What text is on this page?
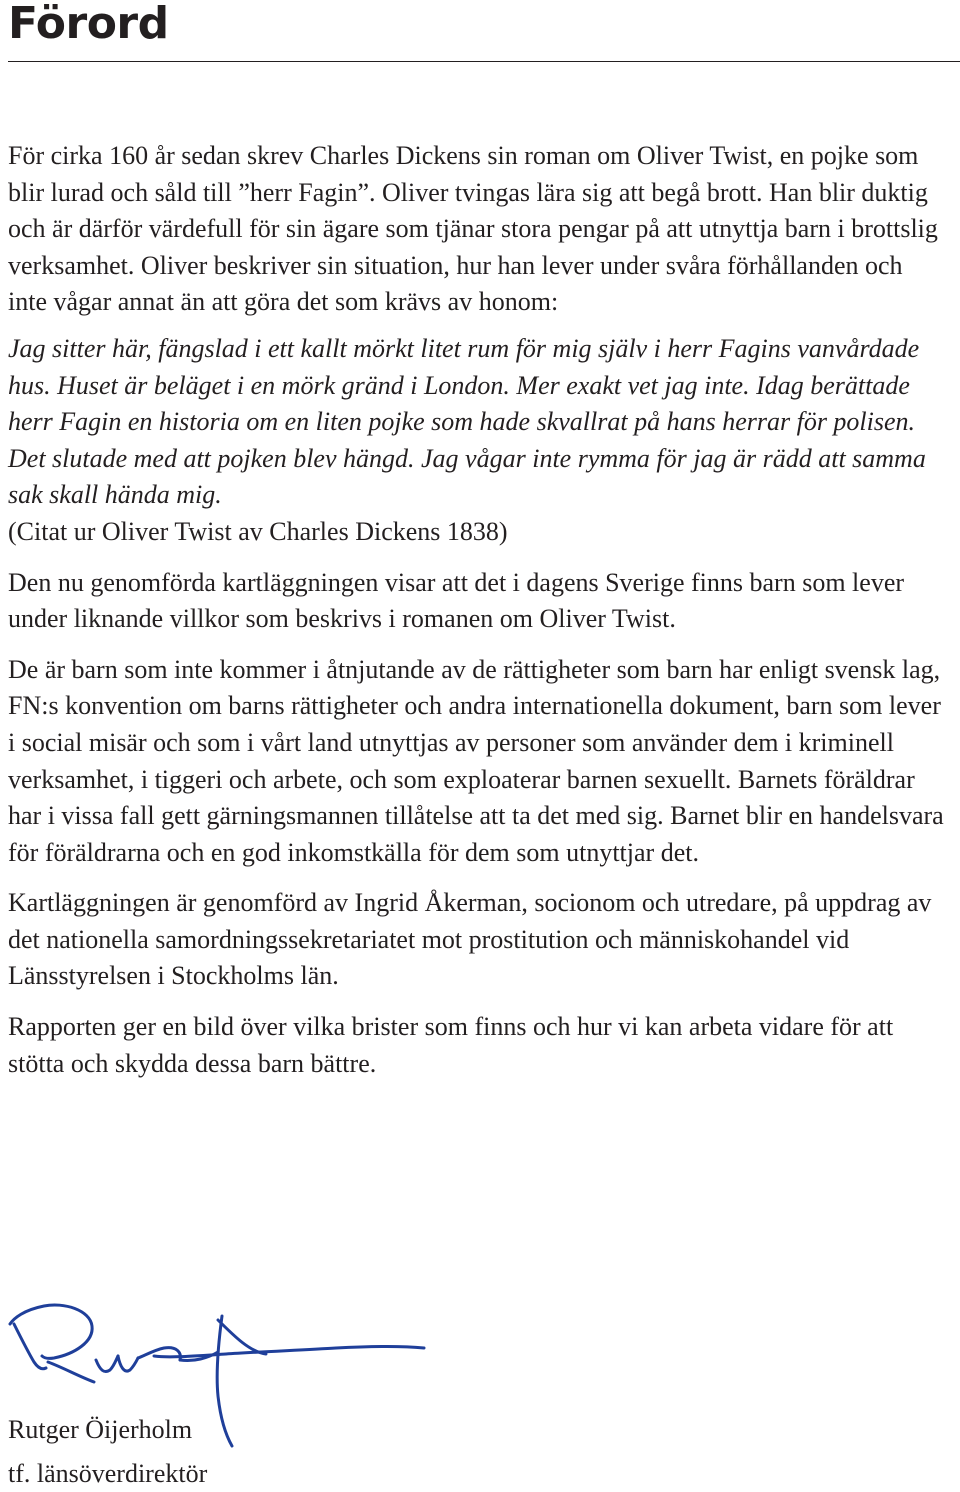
Förord

För cirka 160 år sedan skrev Charles Dickens sin roman om Oliver Twist, en pojke som blir lurad och såld till ”herr Fagin”. Oliver tvingas lära sig att begå brott. Han blir duktig och är därför värdefull för sin ägare som tjänar stora pengar på att utnyttja barn i brottslig verksamhet. Oliver beskriver sin situation, hur han lever under svåra förhållanden och inte vågar annat än att göra det som krävs av honom:

Jag sitter här, fängslad i ett kallt mörkt litet rum för mig själv i herr Fagins vanvårdade hus. Huset är beläget i en mörk gränd i London. Mer exakt vet jag inte. Idag berättade herr Fagin en historia om en liten pojke som hade skvallrat på hans herrar för polisen. Det slutade med att pojken blev hängd. Jag vågar inte rymma för jag är rädd att samma sak skall hända mig.

(Citat ur Oliver Twist av Charles Dickens 1838)

Den nu genomförda kartläggningen visar att det i dagens Sverige finns barn som lever under liknande villkor som beskrivs i romanen om Oliver Twist.

De är barn som inte kommer i åtnjutande av de rättigheter som barn har enligt svensk lag, FN:s konvention om barns rättigheter och andra internationella dokument, barn som lever i social misär och som i vårt land utnyttjas av personer som använder dem i kriminell verksamhet, i tiggeri och arbete, och som exploaterar barnen sexuellt. Barnets föräldrar har i vissa fall gett gärningsmannen tillåtelse att ta det med sig. Barnet blir en handelsvara för föräldrarna och en god inkomstkälla för dem som utnyttjar det.

Kartläggningen är genomförd av Ingrid Åkerman, socionom och utredare, på uppdrag av det nationella samordningssekretariatet mot prostitution och människohandel vid Länsstyrelsen i Stockholms län.

Rapporten ger en bild över vilka brister som finns och hur vi kan arbeta vidare för att stötta och skydda dessa barn bättre.

Rutger Öijerholm

tf. länsöverdirektör
